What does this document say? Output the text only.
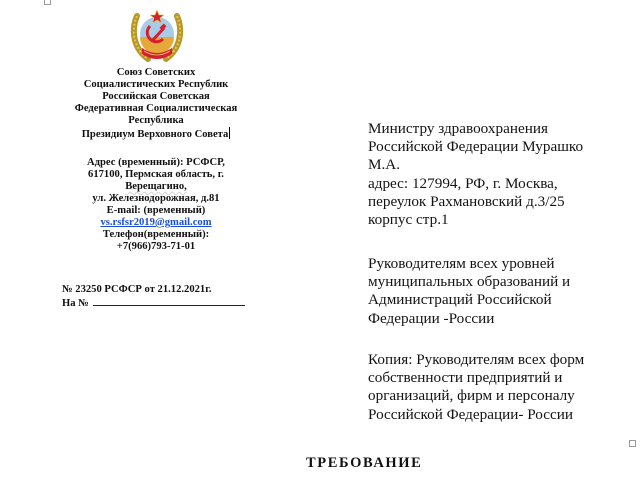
Союз Советских
Социалистических Республик
Российская Советская
Федеративная Социалистическая
Республика
Президиум Верховного Совета
Адрес (временный): РСФСР,
617100, Пермская область, г.
Верещагино,
ул. Железнодорожная, д.81
E-mail: (временный)
vs.rsfsr2019@gmail.com
Телефон(временный):
+7(966)793-71-01
№ 23250 РСФСР от 21.12.2021г.
На №
Министру здравоохранения
Российской Федерации Мурашко
М.А.
адрес: 127994, РФ, г. Москва,
переулок Рахмановский д.3/25
корпус стр.1
Руководителям всех уровней
муниципальных образований и
Администраций Российской
Федерации -России
Копия: Руководителям всех форм
собственности предприятий и
организаций, фирм и персоналу
Российской Федерации- России
ТРЕБОВАНИЕ
